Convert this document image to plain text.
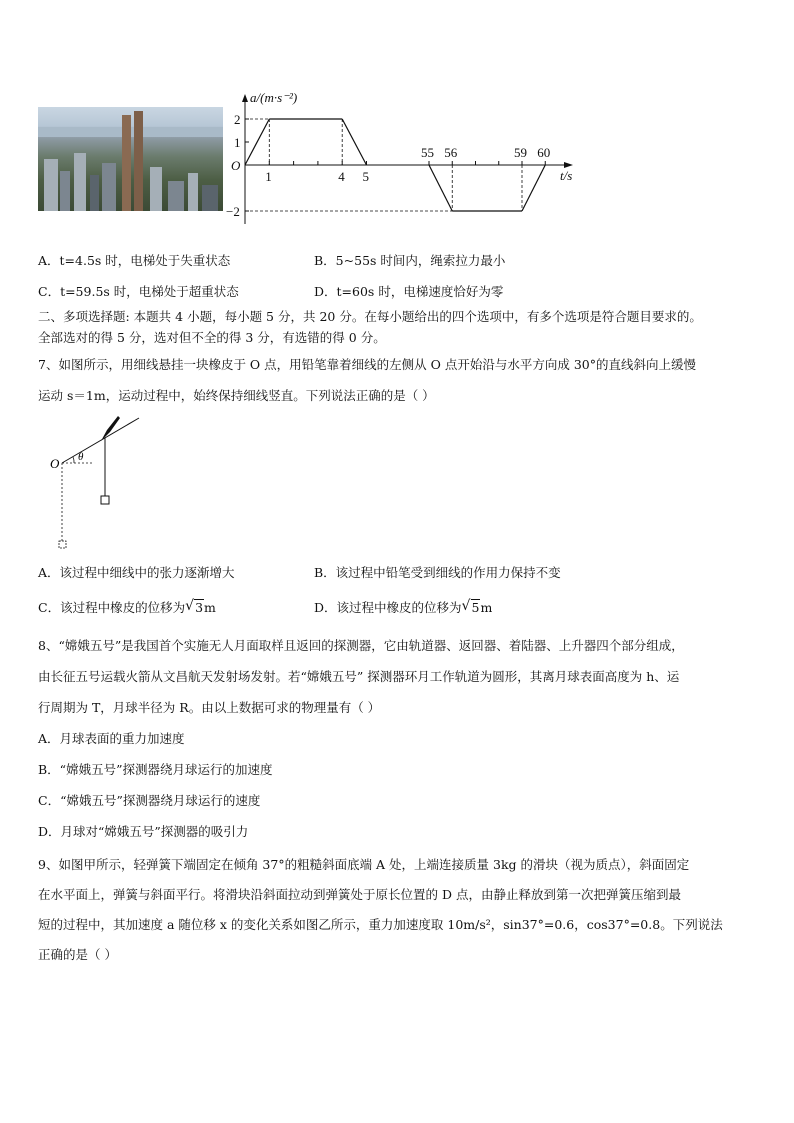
a/(m·s⁻²)
O
2
1
−2
t/s
1	4 5
55 56	59 60
A．t=4.5s 时，电梯处于失重状态	B．5~55s 时间内，绳索拉力最小
C．t=59.5s 时，电梯处于超重状态	D．t=60s 时，电梯速度恰好为零
二、多项选择题: 本题共 4 小题，每小题 5 分，共 20 分。在每小题给出的四个选项中，有多个选项是符合题目要求的。
全部选对的得 5 分，选对但不全的得 3 分，有选错的得 0 分。
7、如图所示，用细线悬挂一块橡皮于 O 点，用铅笔靠着细线的左侧从 O 点开始沿与水平方向成 30°的直线斜向上缓慢
运动 s＝1m，运动过程中，始终保持细线竖直。下列说法正确的是（ ）
O θ
A．该过程中细线中的张力逐渐增大	B．该过程中铅笔受到细线的作用力保持不变
C．该过程中橡皮的位移为 √ 3m	D．该过程中橡皮的位移为 √ 5m
8、“嫦娥五号”是我国首个实施无人月面取样且返回的探测器，它由轨道器、返回器、着陆器、上升器四个部分组成，
由长征五号运载火箭从文昌航天发射场发射。若“嫦娥五号” 探测器环月工作轨道为圆形，其离月球表面高度为 h、运
行周期为 T，月球半径为 R。由以上数据可求的物理量有（ ）
A．月球表面的重力加速度
B．“嫦娥五号”探测器绕月球运行的加速度
C．“嫦娥五号”探测器绕月球运行的速度
D．月球对“嫦娥五号”探测器的吸引力
9、如图甲所示，轻弹簧下端固定在倾角 37°的粗糙斜面底端 A 处，上端连接质量 3kg 的滑块（视为质点），斜面固定
在水平面上，弹簧与斜面平行。将滑块沿斜面拉动到弹簧处于原长位置的 D 点，由静止释放到第一次把弹簧压缩到最
短的过程中，其加速度 a 随位移 x 的变化关系如图乙所示，重力加速度取 10m/s²，sin37°=0.6，cos37°=0.8。下列说法
正确的是（ ）
